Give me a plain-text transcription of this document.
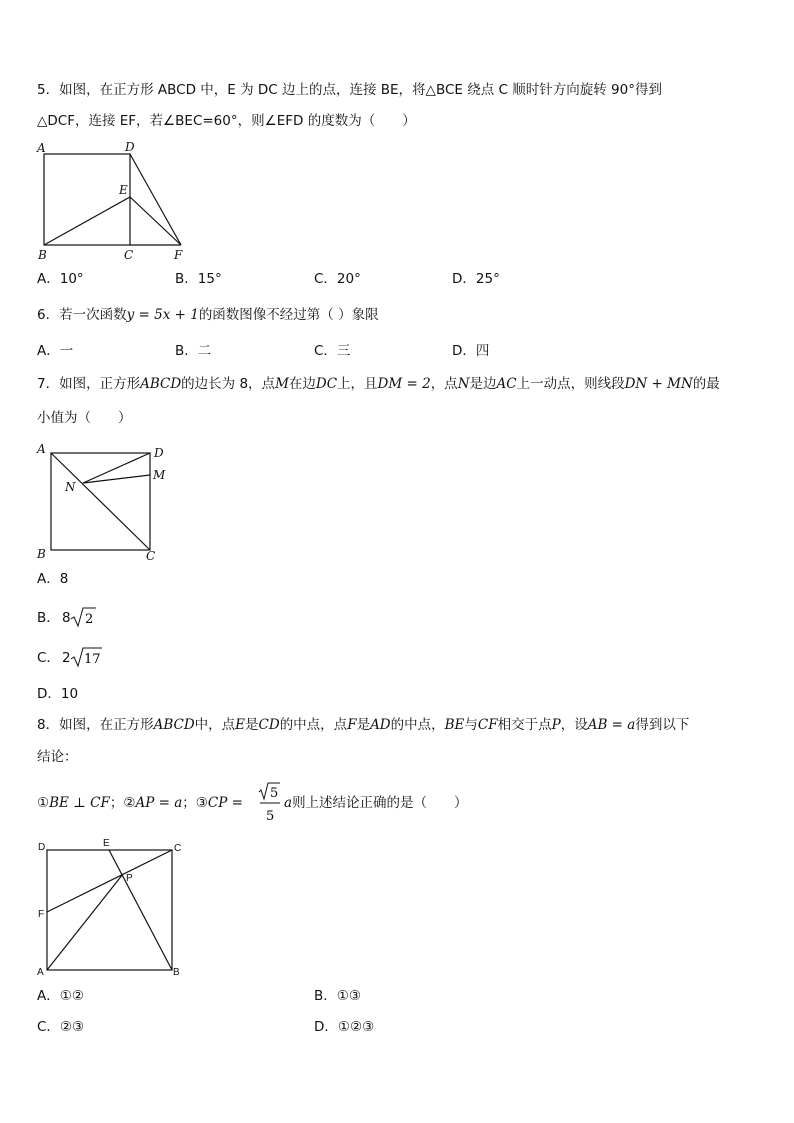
5．如图，在正方形 ABCD 中，E 为 DC 边上的点，连接 BE，将△BCE 绕点 C 顺时针方向旋转 90°得到
△DCF，连接 EF，若∠BEC=60°，则∠EFD 的度数为（　　）
A	D
E
B	C	F
A．10°	B．15°	C．20°	D．25°
6．若一次函数y = 5x + 1的函数图像不经过第（ ）象限
A．一	B．二	C．三	D．四
7．如图，正方形ABCD的边长为 8，点M在边DC上，且DM = 2，点N是边AC上一动点，则线段DN + MN的最
小值为（　　）
A	D
M
N
B	C
A．8
B． 8 2
C． 2 17
D．10
8．如图，在正方形ABCD中，点E是CD的中点，点F是AD的中点，BE与CF相交于点P，设AB = a得到以下
结论：
①BE ⊥ CF；②AP = a；③CP =
5
5
a则上述结论正确的是（　　）
D	E	C
P
F
A	B
A．①②	B．①③
C．②③	D．①②③
